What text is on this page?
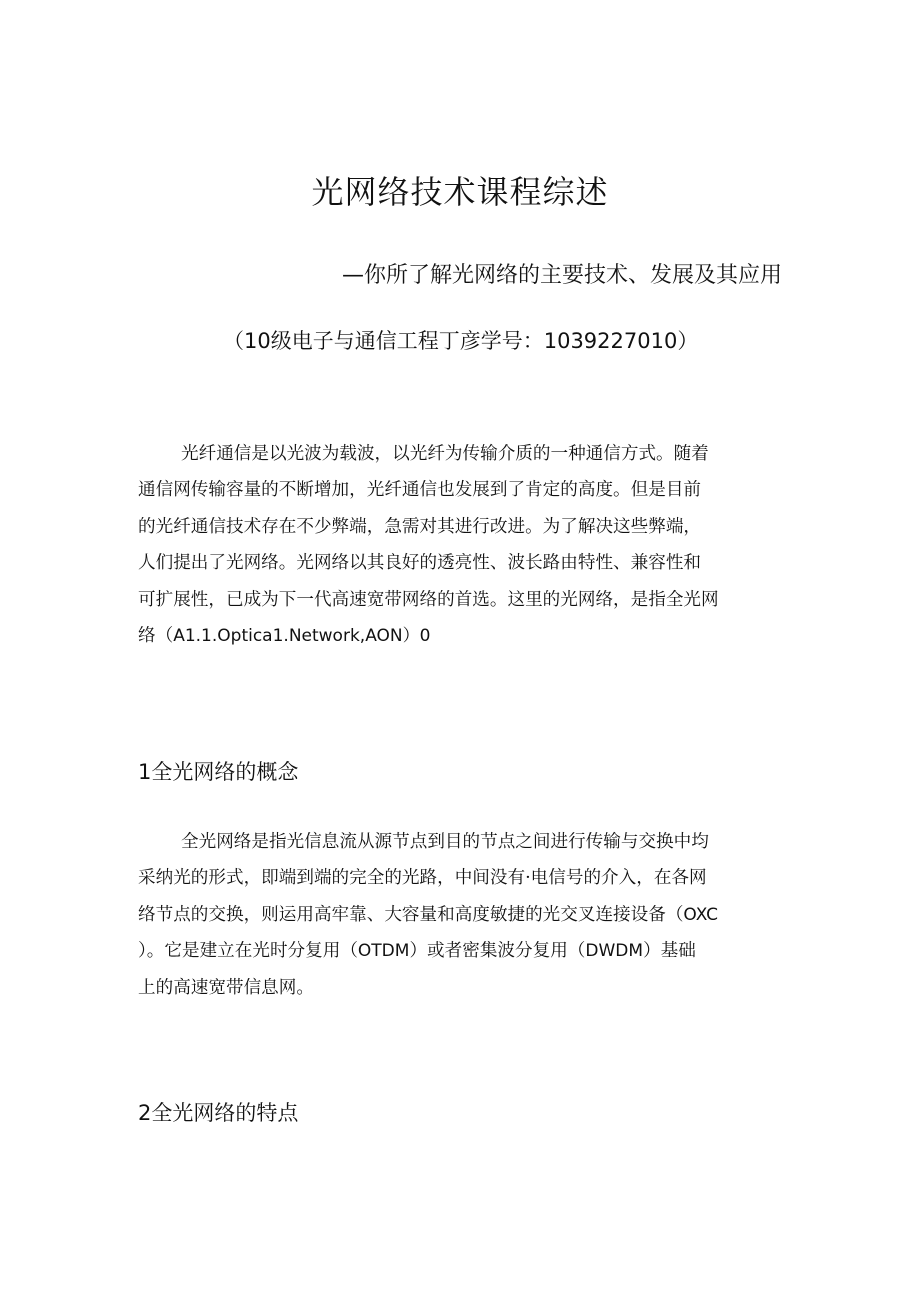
光网络技术课程综述
—你所了解光网络的主要技术、发展及其应用
（10级电子与通信工程丁彦学号：1039227010）
光纤通信是以光波为载波，以光纤为传输介质的一种通信方式。随着
通信网传输容量的不断增加，光纤通信也发展到了肯定的高度。但是目前
的光纤通信技术存在不少弊端，急需对其进行改进。为了解决这些弊端，
人们提出了光网络。光网络以其良好的透亮性、波长路由特性、兼容性和
可扩展性，已成为下一代高速宽带网络的首选。这里的光网络，是指全光网
络（A1.1.Optica1.Network,AON）0
1全光网络的概念
全光网络是指光信息流从源节点到目的节点之间进行传输与交换中均
采纳光的形式，即端到端的完全的光路，中间没有·电信号的介入，在各网
络节点的交换，则运用高牢靠、大容量和高度敏捷的光交叉连接设备（OXC
）。它是建立在光时分复用（OTDM）或者密集波分复用（DWDM）基础
上的高速宽带信息网。
2全光网络的特点
